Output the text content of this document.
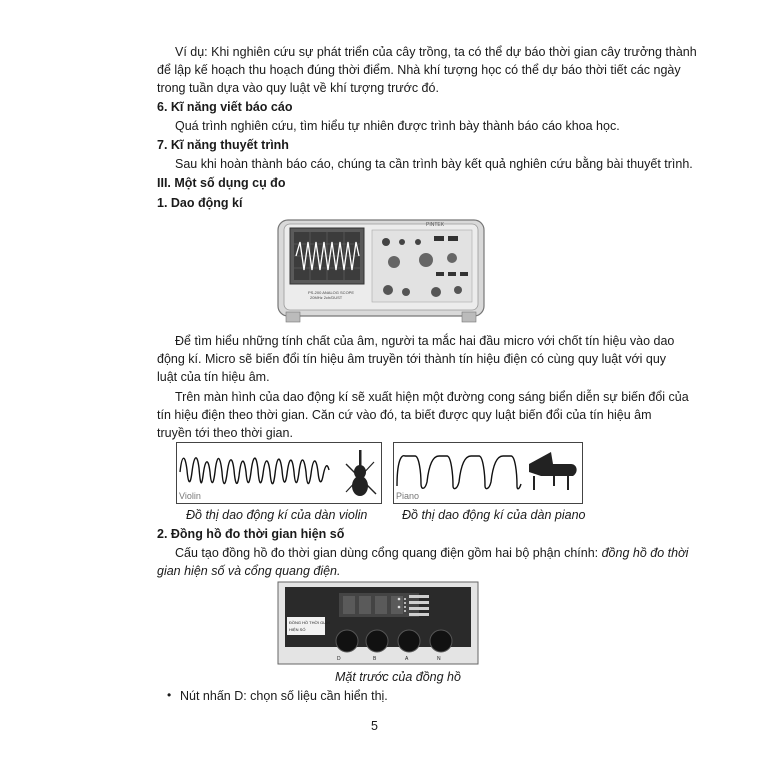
Ví dụ: Khi nghiên cứu sự phát triển của cây trồng, ta có thể dự báo thời gian cây trưởng thành
để lập kế hoạch thu hoạch đúng thời điểm. Nhà khí tượng học có thể dự báo thời tiết các ngày
trong tuần dựa vào quy luật về khí tượng trước đó.
6. Kĩ năng viết báo cáo
Quá trình nghiên cứu, tìm hiểu tự nhiên được trình bày thành báo cáo khoa học.
7. Kĩ năng thuyết trình
Sau khi hoàn thành báo cáo, chúng ta cần trình bày kết quả nghiên cứu bằng bài thuyết trình.
III. Một số dụng cụ đo
1. Dao động kí
PINTEK
PS-200 ANALOG SCOPE
20MHz 2ch/DUST
Để tìm hiểu những tính chất của âm, người ta mắc hai đầu micro với chốt tín hiệu vào dao
động kí. Micro sẽ biến đổi tín hiệu âm truyền tới thành tín hiệu điện có cùng quy luật với quy
luật của tín hiệu âm.
Trên màn hình của dao động kí sẽ xuất hiện một đường cong sáng biển diễn sự biến đổi của
tín hiệu điện theo thời gian. Căn cứ vào đó, ta biết được quy luật biến đổi của tín hiệu âm
truyền tới theo thời gian.
Violin	Piano
Đồ thị dao động kí của dàn violin	Đồ thị dao động kí của dàn piano
2. Đồng hồ đo thời gian hiện số
Cấu tạo đồng hồ đo thời gian dùng cổng quang điện gồm hai bộ phận chính: đồng hồ đo thời
gian hiện số và cổng quang điện.
ĐỒNG HỒ THỜI GIAN
HIỆN SỐ
D	B	A	N
Mặt trước của đồng hồ
• Nút nhấn D: chọn số liệu cần hiển thị.
5
